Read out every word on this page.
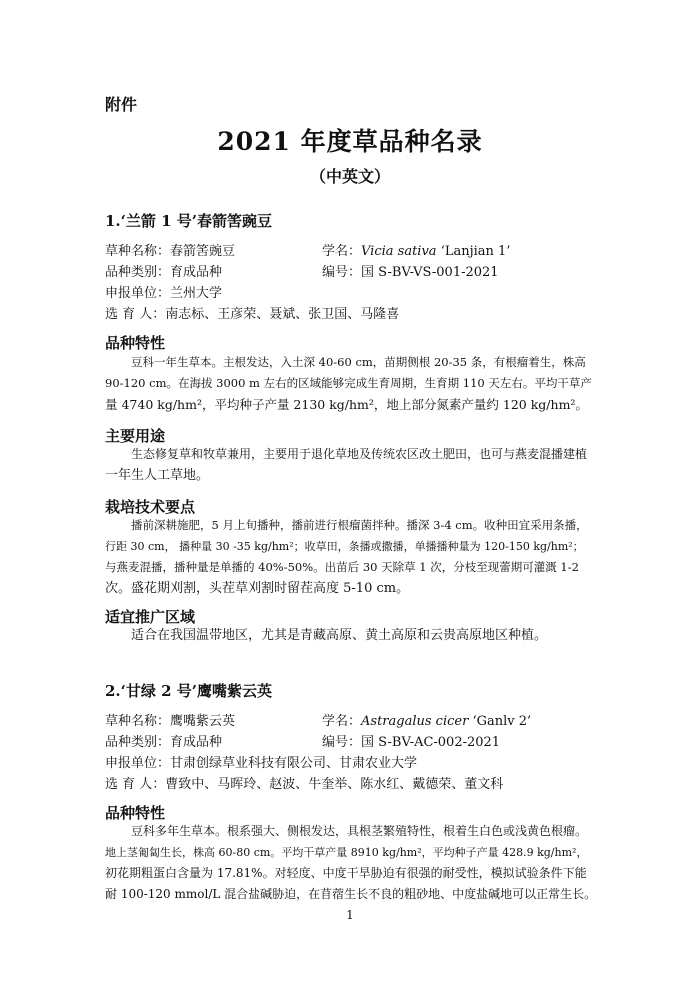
附件
2021 年度草品种名录
（中英文）
1.‘兰箭 1 号’春箭筈豌豆
草种名称：春箭筈豌豆	学名：Vicia sativa ‘Lanjian 1’
品种类别：育成品种	编号：国 S-BV-VS-001-2021
申报单位：兰州大学
选 育 人：南志标、王彦荣、聂斌、张卫国、马隆喜
品种特性
豆科一年生草本。主根发达，入土深 40-60 cm，苗期侧根 20-35 条，有根瘤着生，株高
90-120 cm。在海拔 3000 m 左右的区域能够完成生育周期，生育期 110 天左右。平均干草产
量 4740 kg/hm²，平均种子产量 2130 kg/hm²，地上部分氮素产量约 120 kg/hm²。
主要用途
生态修复草和牧草兼用，主要用于退化草地及传统农区改土肥田，也可与燕麦混播建植
一年生人工草地。
栽培技术要点
播前深耕施肥，5 月上旬播种，播前进行根瘤菌拌种。播深 3-4 cm。收种田宜采用条播，
行距 30 cm， 播种量 30 -35 kg/hm²；收草田，条播或撒播，单播播种量为 120-150 kg/hm²；
与燕麦混播，播种量是单播的 40%-50%。出苗后 30 天除草 1 次，分枝至现蕾期可灌溉 1-2
次。盛花期刈割，头茬草刈割时留茬高度 5-10 cm。
适宜推广区域
适合在我国温带地区，尤其是青藏高原、黄土高原和云贵高原地区种植。
2.‘甘绿 2 号’鹰嘴紫云英
草种名称：鹰嘴紫云英	学名：Astragalus cicer ‘Ganlv 2’
品种类别：育成品种	编号：国 S-BV-AC-002-2021
申报单位：甘肃创绿草业科技有限公司、甘肃农业大学
选 育 人：曹致中、马晖玲、赵波、牛奎举、陈水红、戴德荣、董文科
品种特性
豆科多年生草本。根系强大、侧根发达，具根茎繁殖特性，根着生白色或浅黄色根瘤。
地上茎匍匐生长，株高 60-80 cm。平均干草产量 8910 kg/hm²，平均种子产量 428.9 kg/hm²，
初花期粗蛋白含量为 17.81%。对轻度、中度干旱胁迫有很强的耐受性，模拟试验条件下能
耐 100-120 mmol/L 混合盐碱胁迫，在苜蓿生长不良的粗砂地、中度盐碱地可以正常生长。
1
